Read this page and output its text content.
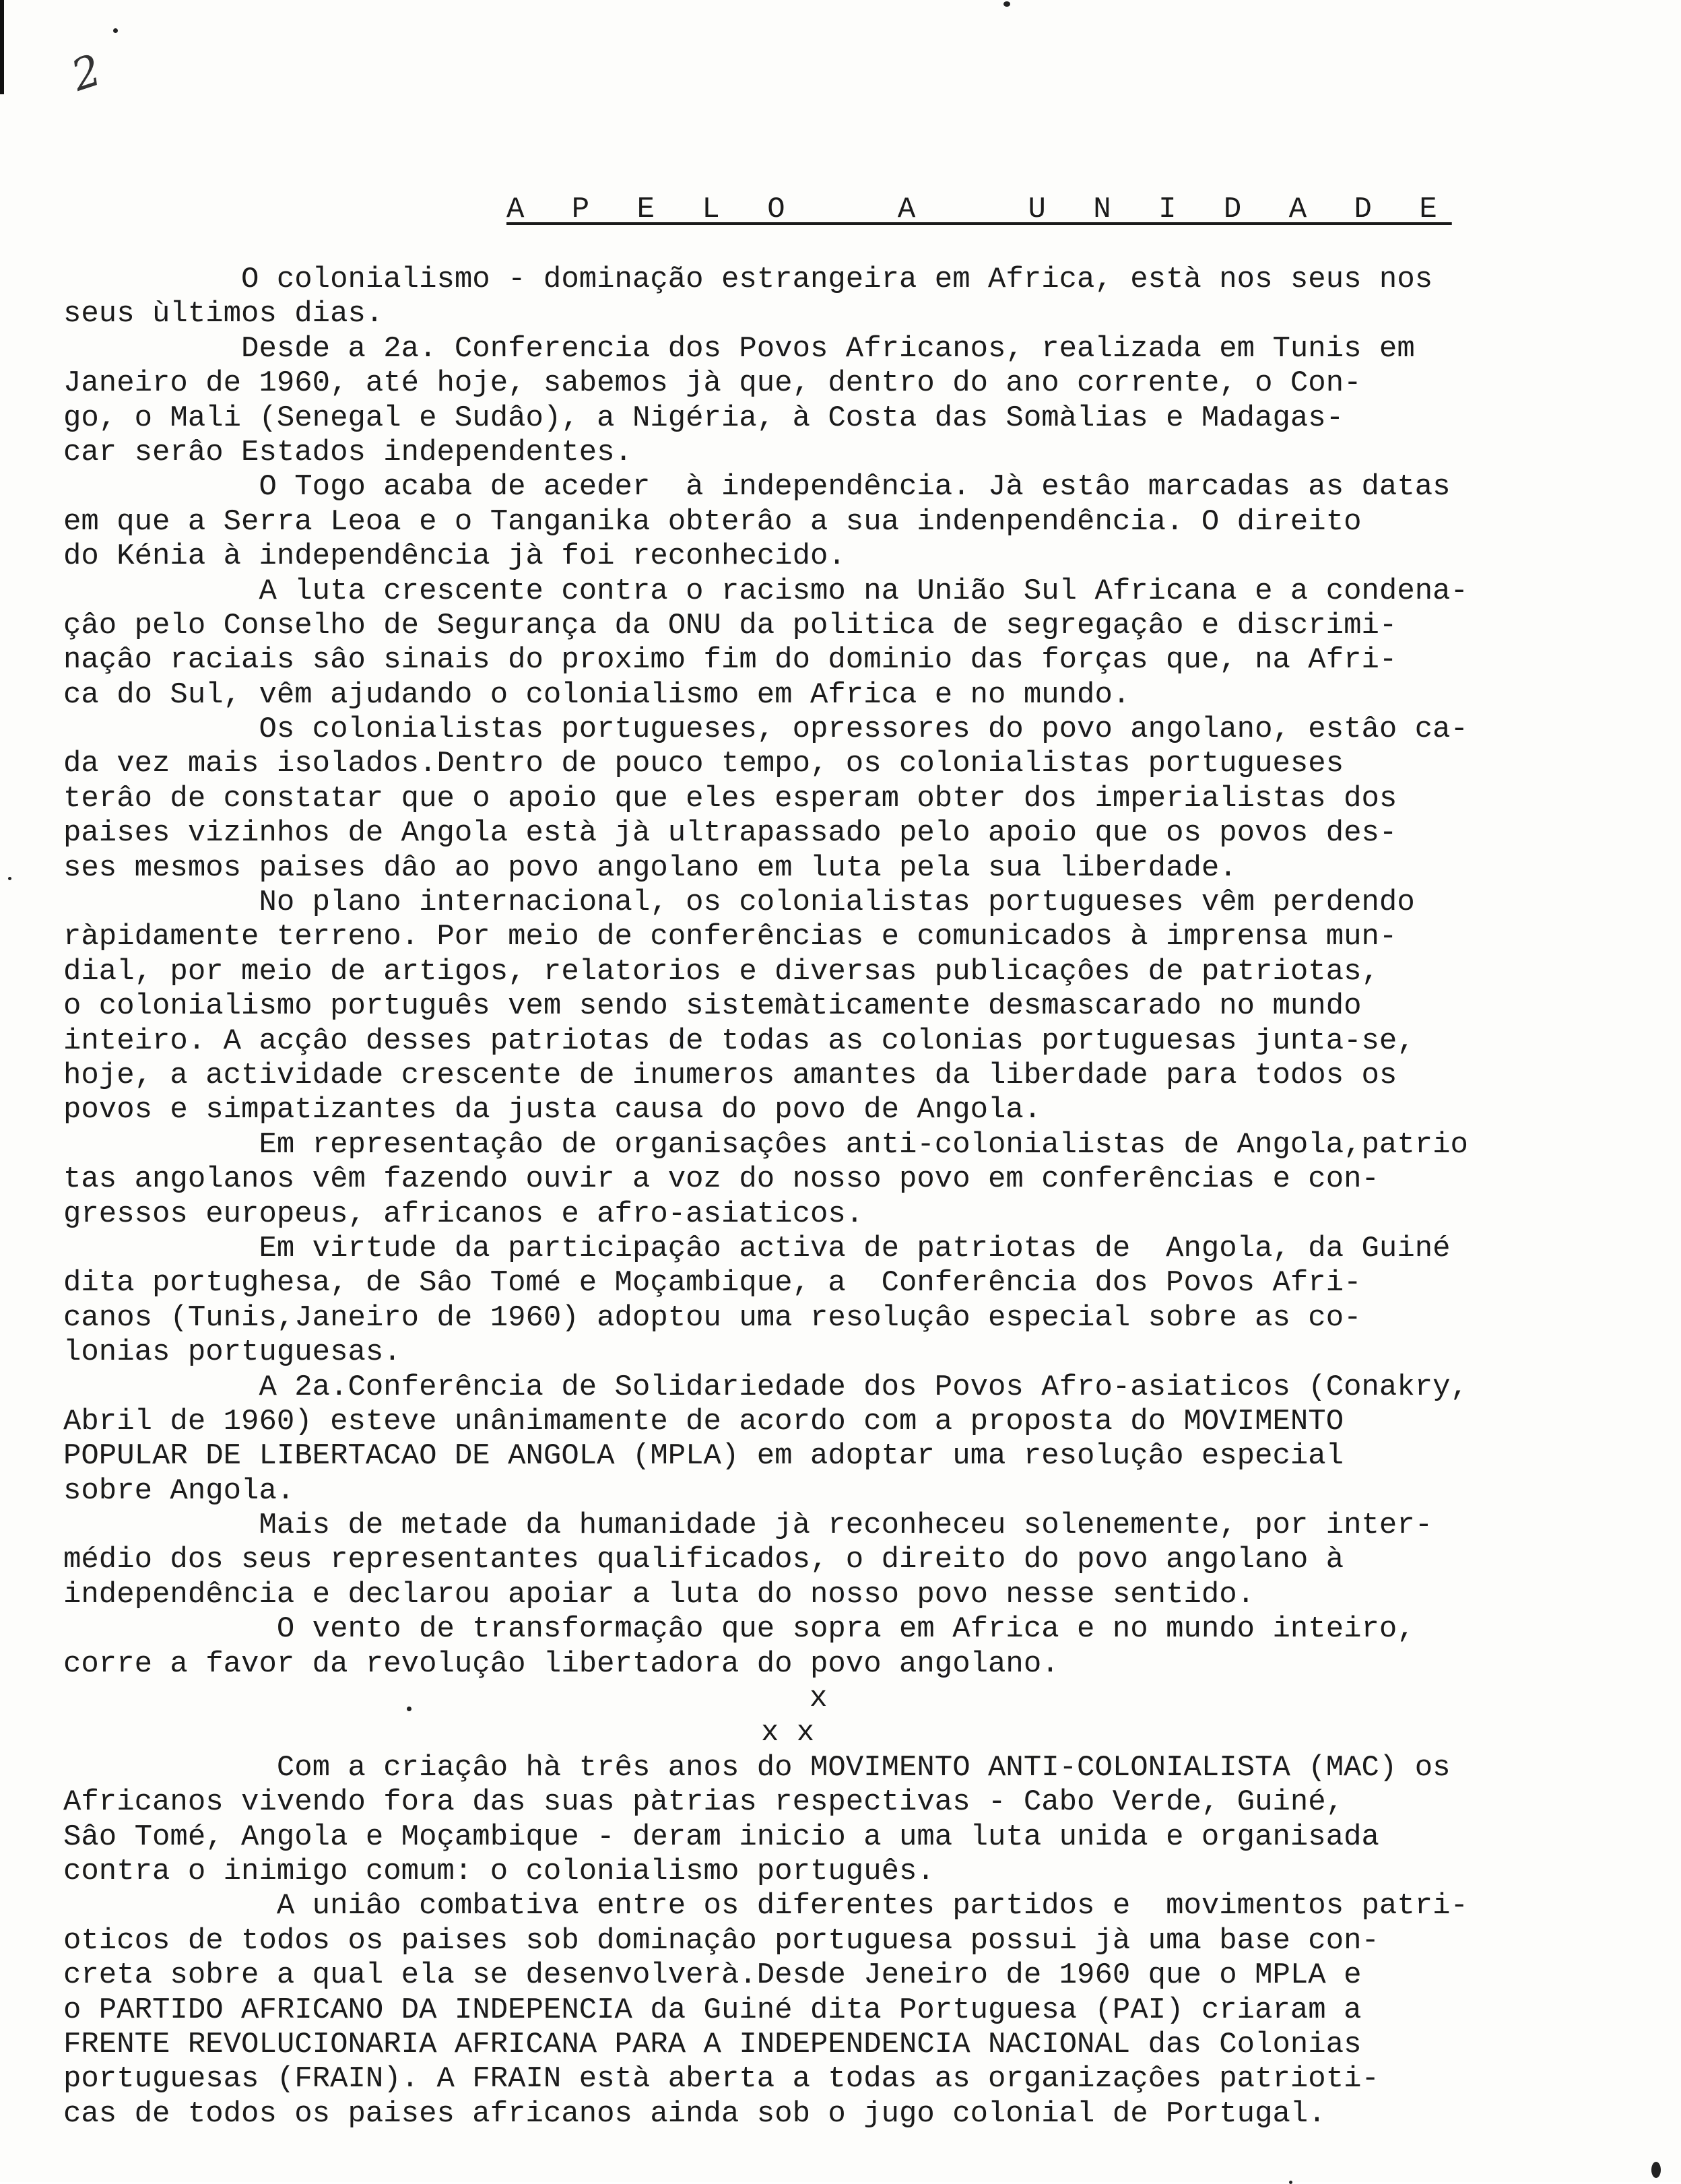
2
A P E L O   A   U N I D A D E
O colonialismo - dominação estrangeira em Africa, està nos seus nos
seus ùltimos dias.
Desde a 2a. Conferencia dos Povos Africanos, realizada em Tunis em
Janeiro de 1960, até hoje, sabemos jà que, dentro do ano corrente, o Con-
go, o Mali (Senegal e Sudâo), a Nigéria, à Costa das Somàlias e Madagas-
car serâo Estados independentes.
O Togo acaba de aceder  à independência. Jà estâo marcadas as datas
em que a Serra Leoa e o Tanganika obterâo a sua indenpendência. O direito
do Kénia à independência jà foi reconhecido.
A luta crescente contra o racismo na União Sul Africana e a condena-
çâo pelo Conselho de Segurança da ONU da politica de segregaçâo e discrimi-
naçâo raciais sâo sinais do proximo fim do dominio das forças que, na Afri-
ca do Sul, vêm ajudando o colonialismo em Africa e no mundo.
Os colonialistas portugueses, opressores do povo angolano, estâo ca-
da vez mais isolados.Dentro de pouco tempo, os colonialistas portugueses
terâo de constatar que o apoio que eles esperam obter dos imperialistas dos
paises vizinhos de Angola està jà ultrapassado pelo apoio que os povos des-
ses mesmos paises dâo ao povo angolano em luta pela sua liberdade.
No plano internacional, os colonialistas portugueses vêm perdendo
ràpidamente terreno. Por meio de conferências e comunicados à imprensa mun-
dial, por meio de artigos, relatorios e diversas publicaçôes de patriotas,
o colonialismo português vem sendo sistemàticamente desmascarado no mundo
inteiro. A acçâo desses patriotas de todas as colonias portuguesas junta-se,
hoje, a actividade crescente de inumeros amantes da liberdade para todos os
povos e simpatizantes da justa causa do povo de Angola.
Em representaçâo de organisaçôes anti-colonialistas de Angola,patrio
tas angolanos vêm fazendo ouvir a voz do nosso povo em conferências e con-
gressos europeus, africanos e afro-asiaticos.
Em virtude da participaçâo activa de patriotas de  Angola, da Guiné
dita portughesa, de Sâo Tomé e Moçambique, a  Conferência dos Povos Afri-
canos (Tunis,Janeiro de 1960) adoptou uma resoluçâo especial sobre as co-
lonias portuguesas.
A 2a.Conferência de Solidariedade dos Povos Afro-asiaticos (Conakry,
Abril de 1960) esteve unânimamente de acordo com a proposta do MOVIMENTO
POPULAR DE LIBERTACAO DE ANGOLA (MPLA) em adoptar uma resoluçâo especial
sobre Angola.
Mais de metade da humanidade jà reconheceu solenemente, por inter-
médio dos seus representantes qualificados, o direito do povo angolano à
independência e declarou apoiar a luta do nosso povo nesse sentido.
O vento de transformaçâo que sopra em Africa e no mundo inteiro,
corre a favor da revoluçâo libertadora do povo angolano.
x
x x
Com a criaçâo hà três anos do MOVIMENTO ANTI-COLONIALISTA (MAC) os
Africanos vivendo fora das suas pàtrias respectivas - Cabo Verde, Guiné,
Sâo Tomé, Angola e Moçambique - deram inicio a uma luta unida e organisada
contra o inimigo comum: o colonialismo português.
A uniâo combativa entre os diferentes partidos e  movimentos patri-
oticos de todos os paises sob dominaçâo portuguesa possui jà uma base con-
creta sobre a qual ela se desenvolverà.Desde Jeneiro de 1960 que o MPLA e
o PARTIDO AFRICANO DA INDEPENCIA da Guiné dita Portuguesa (PAI) criaram a
FRENTE REVOLUCIONARIA AFRICANA PARA A INDEPENDENCIA NACIONAL das Colonias
portuguesas (FRAIN). A FRAIN està aberta a todas as organizaçôes patrioti-
cas de todos os paises africanos ainda sob o jugo colonial de Portugal.
